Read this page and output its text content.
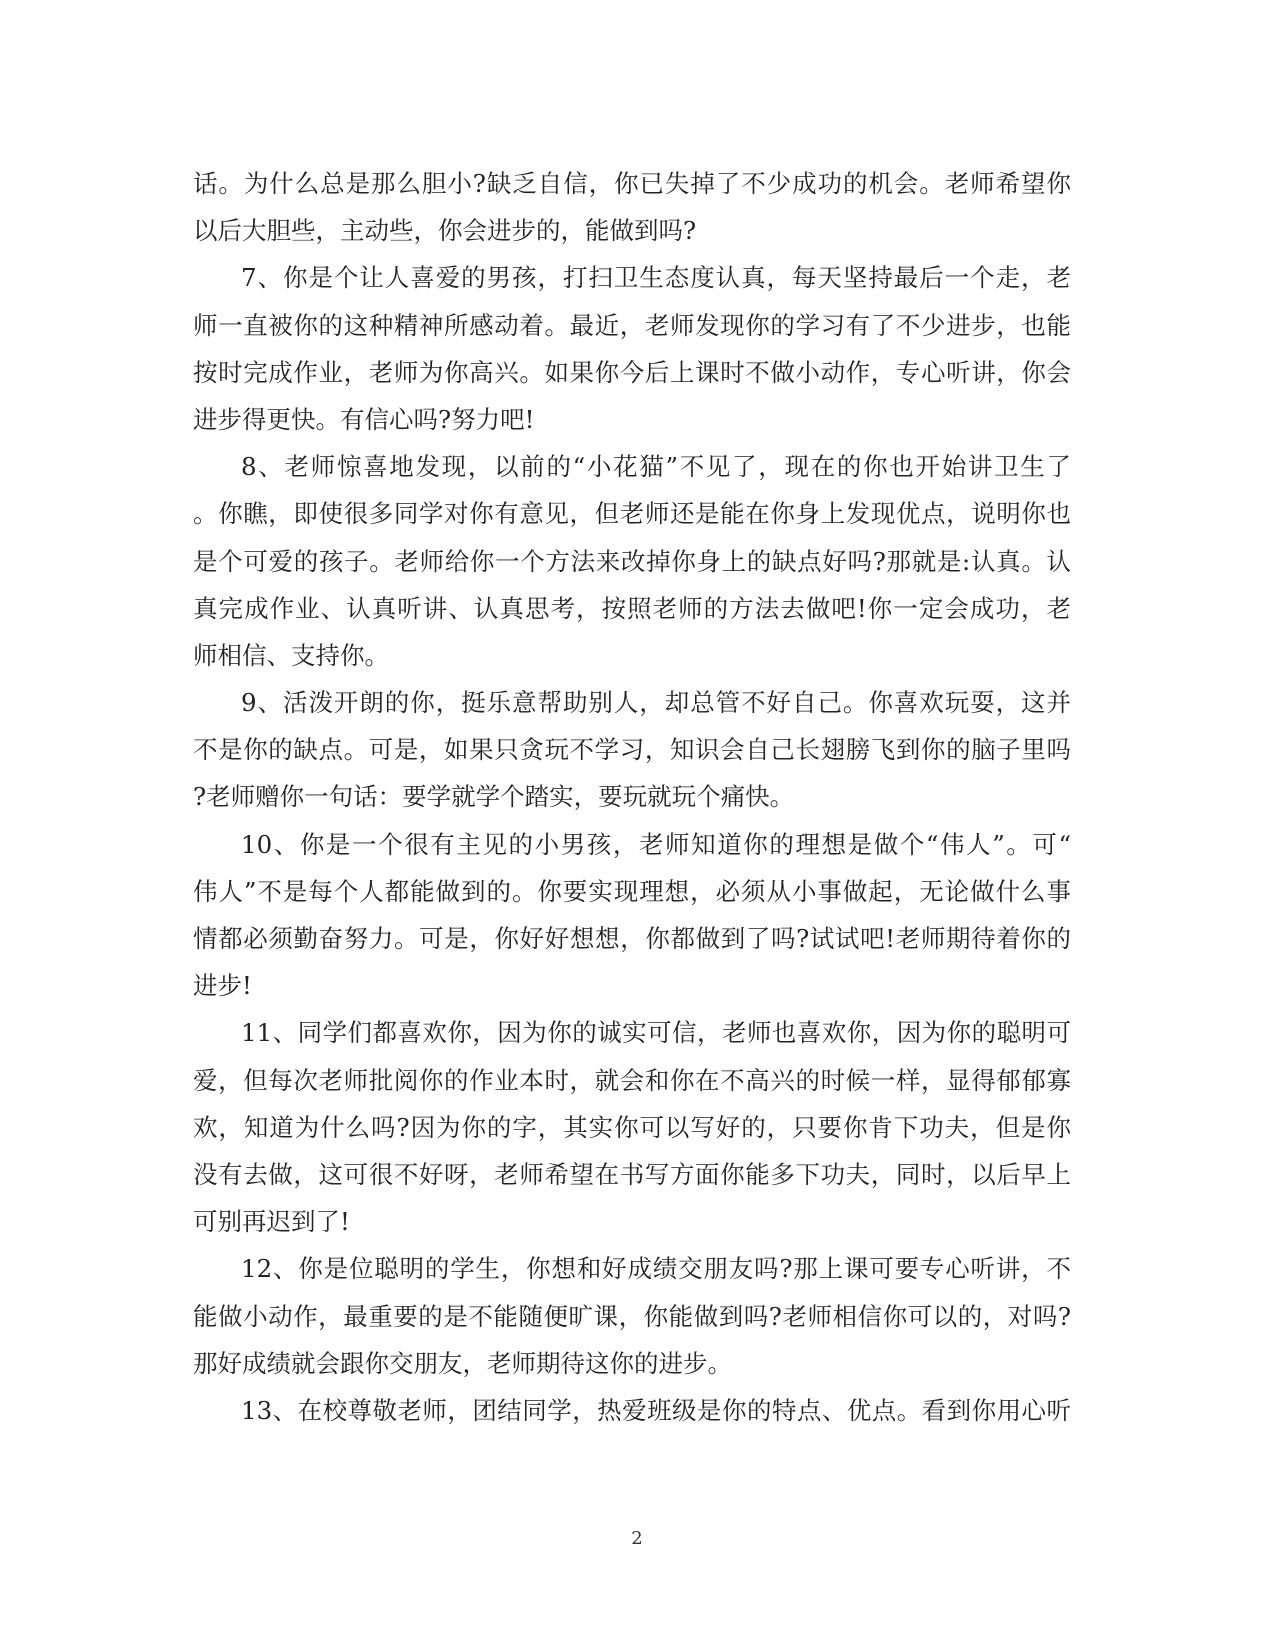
话。为什么总是那么胆小?缺乏自信，你已失掉了不少成功的机会。老师希望你
以后大胆些，主动些，你会进步的，能做到吗?
7、你是个让人喜爱的男孩，打扫卫生态度认真，每天坚持最后一个走，老
师一直被你的这种精神所感动着。最近，老师发现你的学习有了不少进步，也能
按时完成作业，老师为你高兴。如果你今后上课时不做小动作，专心听讲，你会
进步得更快。有信心吗?努力吧!
8、老师惊喜地发现，以前的“小花猫”不见了，现在的你也开始讲卫生了
。你瞧，即使很多同学对你有意见，但老师还是能在你身上发现优点，说明你也
是个可爱的孩子。老师给你一个方法来改掉你身上的缺点好吗?那就是:认真。认
真完成作业、认真听讲、认真思考，按照老师的方法去做吧!你一定会成功，老
师相信、支持你。
9、活泼开朗的你，挺乐意帮助别人，却总管不好自己。你喜欢玩耍，这并
不是你的缺点。可是，如果只贪玩不学习，知识会自己长翅膀飞到你的脑子里吗
?老师赠你一句话：要学就学个踏实，要玩就玩个痛快。
10、你是一个很有主见的小男孩，老师知道你的理想是做个“伟人”。可“
伟人”不是每个人都能做到的。你要实现理想，必须从小事做起，无论做什么事
情都必须勤奋努力。可是，你好好想想，你都做到了吗?试试吧!老师期待着你的
进步!
11、同学们都喜欢你，因为你的诚实可信，老师也喜欢你，因为你的聪明可
爱，但每次老师批阅你的作业本时，就会和你在不高兴的时候一样，显得郁郁寡
欢，知道为什么吗?因为你的字，其实你可以写好的，只要你肯下功夫，但是你
没有去做，这可很不好呀，老师希望在书写方面你能多下功夫，同时，以后早上
可别再迟到了!
12、你是位聪明的学生，你想和好成绩交朋友吗?那上课可要专心听讲，不
能做小动作，最重要的是不能随便旷课，你能做到吗?老师相信你可以的，对吗?
那好成绩就会跟你交朋友，老师期待这你的进步。
13、在校尊敬老师，团结同学，热爱班级是你的特点、优点。看到你用心听
2
